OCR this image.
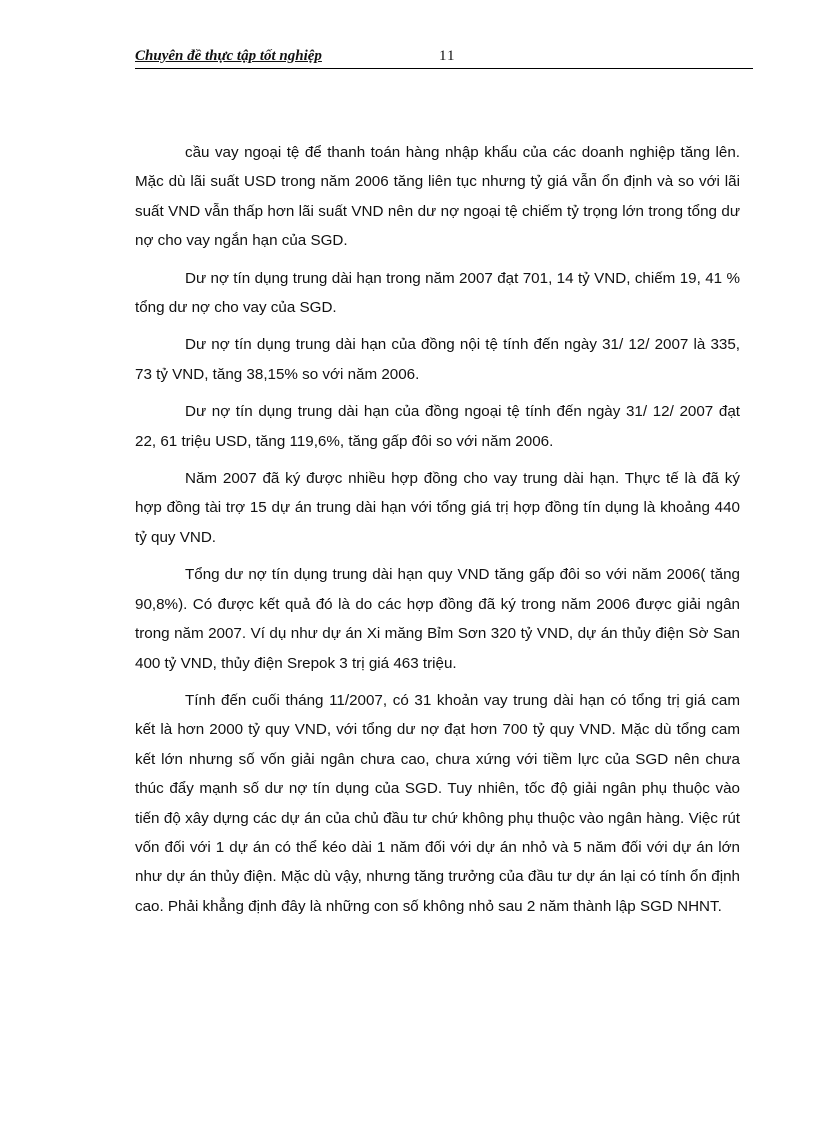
Chuyên đề thực tập tốt nghiệp	11

cầu vay ngoại tệ để thanh toán hàng nhập khẩu của các doanh nghiệp tăng lên. Mặc dù lãi suất USD trong năm 2006 tăng liên tục nhưng tỷ giá vẫn ổn định và so với lãi suất VND vẫn thấp hơn lãi suất VND nên dư nợ ngoại tệ chiếm tỷ trọng lớn trong tổng dư nợ cho vay ngắn hạn của SGD.

Dư nợ tín dụng trung dài hạn trong năm 2007 đạt 701, 14 tỷ VND, chiếm 19, 41 % tổng dư nợ cho vay của SGD.

Dư nợ tín dụng trung dài hạn của đồng nội tệ tính đến ngày 31/ 12/ 2007 là 335, 73 tỷ VND, tăng 38,15% so với năm 2006.

Dư nợ tín dụng trung dài hạn của đồng ngoại tệ tính đến ngày 31/ 12/ 2007 đạt 22, 61 triệu USD, tăng 119,6%, tăng gấp đôi so với năm 2006.

Năm 2007 đã ký được nhiều hợp đồng cho vay trung dài hạn. Thực tế là đã ký hợp đồng tài trợ 15 dự án trung dài hạn với tổng giá trị hợp đồng tín dụng là khoảng 440 tỷ quy VND.

Tổng dư nợ tín dụng trung dài hạn quy VND tăng gấp đôi so với năm 2006( tăng 90,8%). Có được kết quả đó là do các hợp đồng đã ký trong năm 2006 được giải ngân trong năm 2007. Ví dụ như dự án Xi măng Bỉm Sơn 320 tỷ VND, dự án thủy điện Sờ San 400 tỷ VND, thủy điện Srepok 3 trị giá 463 triệu.

Tính đến cuối tháng 11/2007, có 31 khoản vay trung dài hạn có tổng trị giá cam kết là hơn 2000 tỷ quy VND, với tổng dư nợ đạt hơn 700 tỷ quy VND. Mặc dù tổng cam kết lớn nhưng số vốn giải ngân chưa cao, chưa xứng với tiềm lực của SGD nên chưa thúc đẩy mạnh số dư nợ tín dụng của SGD. Tuy nhiên, tốc độ giải ngân phụ thuộc vào tiến độ xây dựng các dự án của chủ đầu tư chứ không phụ thuộc vào ngân hàng. Việc rút vốn đối với 1 dự án có thể kéo dài 1 năm đối với dự án nhỏ và 5 năm đối với dự án lớn như dự án thủy điện. Mặc dù vậy, nhưng tăng trưởng của đầu tư dự án lại có tính ổn định cao. Phải khẳng định đây là những con số không nhỏ sau 2 năm thành lập SGD NHNT.
